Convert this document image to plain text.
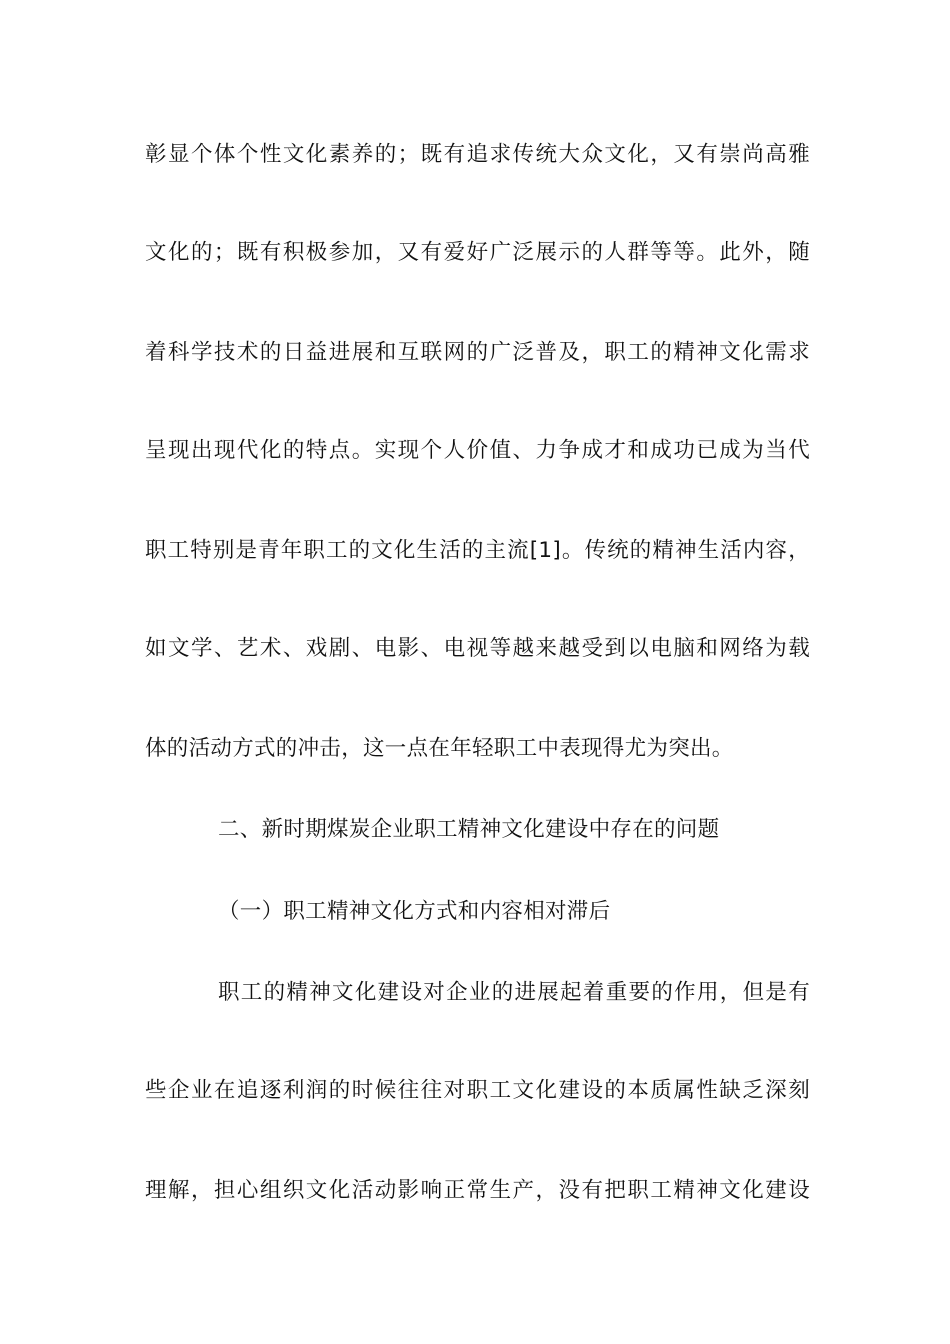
彰显个体个性文化素养的；既有追求传统大众文化，又有崇尚高雅
文化的；既有积极参加，又有爱好广泛展示的人群等等。此外，随
着科学技术的日益进展和互联网的广泛普及，职工的精神文化需求
呈现出现代化的特点。实现个人价值、力争成才和成功已成为当代
职工特别是青年职工的文化生活的主流[1]。传统的精神生活内容，
如文学、艺术、戏剧、电影、电视等越来越受到以电脑和网络为载
体的活动方式的冲击，这一点在年轻职工中表现得尤为突出。
二、新时期煤炭企业职工精神文化建设中存在的问题
（一）职工精神文化方式和内容相对滞后
职工的精神文化建设对企业的进展起着重要的作用，但是有
些企业在追逐利润的时候往往对职工文化建设的本质属性缺乏深刻
理解，担心组织文化活动影响正常生产，没有把职工精神文化建设
